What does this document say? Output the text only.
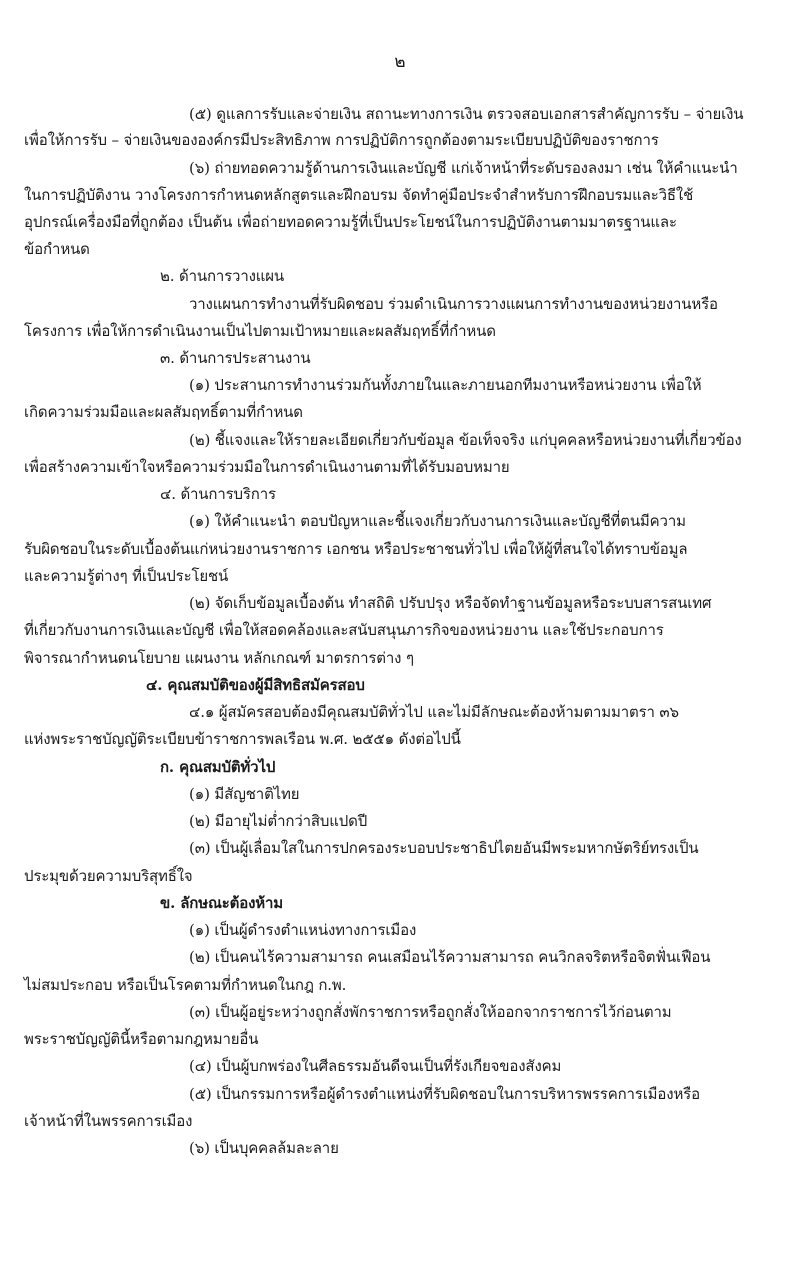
๒
(๕) ดูแลการรับและจ่ายเงิน สถานะทางการเงิน ตรวจสอบเอกสารสำคัญการรับ – จ่ายเงิน
เพื่อให้การรับ – จ่ายเงินขององค์กรมีประสิทธิภาพ การปฏิบัติการถูกต้องตามระเบียบปฏิบัติของราชการ
(๖) ถ่ายทอดความรู้ด้านการเงินและบัญชี แก่เจ้าหน้าที่ระดับรองลงมา เช่น ให้คำแนะนำ
ในการปฏิบัติงาน วางโครงการกำหนดหลักสูตรและฝึกอบรม จัดทำคู่มือประจำสำหรับการฝึกอบรมและวิธีใช้
อุปกรณ์เครื่องมือที่ถูกต้อง เป็นต้น เพื่อถ่ายทอดความรู้ที่เป็นประโยชน์ในการปฏิบัติงานตามมาตรฐานและ
ข้อกำหนด
๒. ด้านการวางแผน
วางแผนการทำงานที่รับผิดชอบ ร่วมดำเนินการวางแผนการทำงานของหน่วยงานหรือ
โครงการ เพื่อให้การดำเนินงานเป็นไปตามเป้าหมายและผลสัมฤทธิ์ที่กำหนด
๓. ด้านการประสานงาน
(๑) ประสานการทำงานร่วมกันทั้งภายในและภายนอกทีมงานหรือหน่วยงาน เพื่อให้
เกิดความร่วมมือและผลสัมฤทธิ์ตามที่กำหนด
(๒) ชี้แจงและให้รายละเอียดเกี่ยวกับข้อมูล ข้อเท็จจริง แก่บุคคลหรือหน่วยงานที่เกี่ยวข้อง
เพื่อสร้างความเข้าใจหรือความร่วมมือในการดำเนินงานตามที่ได้รับมอบหมาย
๔. ด้านการบริการ
(๑) ให้คำแนะนำ ตอบปัญหาและชี้แจงเกี่ยวกับงานการเงินและบัญชีที่ตนมีความ
รับผิดชอบในระดับเบื้องต้นแก่หน่วยงานราชการ เอกชน หรือประชาชนทั่วไป เพื่อให้ผู้ที่สนใจได้ทราบข้อมูล
และความรู้ต่างๆ ที่เป็นประโยชน์
(๒) จัดเก็บข้อมูลเบื้องต้น ทำสถิติ ปรับปรุง หรือจัดทำฐานข้อมูลหรือระบบสารสนเทศ
ที่เกี่ยวกับงานการเงินและบัญชี เพื่อให้สอดคล้องและสนับสนุนภารกิจของหน่วยงาน และใช้ประกอบการ
พิจารณากำหนดนโยบาย แผนงาน หลักเกณฑ์ มาตรการต่าง ๆ
๔. คุณสมบัติของผู้มีสิทธิสมัครสอบ
๔.๑ ผู้สมัครสอบต้องมีคุณสมบัติทั่วไป และไม่มีลักษณะต้องห้ามตามมาตรา ๓๖
แห่งพระราชบัญญัติระเบียบข้าราชการพลเรือน พ.ศ. ๒๕๕๑ ดังต่อไปนี้
ก. คุณสมบัติทั่วไป
(๑) มีสัญชาติไทย
(๒) มีอายุไม่ต่ำกว่าสิบแปดปี
(๓) เป็นผู้เลื่อมใสในการปกครองระบอบประชาธิปไตยอันมีพระมหากษัตริย์ทรงเป็น
ประมุขด้วยความบริสุทธิ์ใจ
ข. ลักษณะต้องห้าม
(๑) เป็นผู้ดำรงตำแหน่งทางการเมือง
(๒) เป็นคนไร้ความสามารถ คนเสมือนไร้ความสามารถ คนวิกลจริตหรือจิตฟั่นเฟือน
ไม่สมประกอบ หรือเป็นโรคตามที่กำหนดในกฎ ก.พ.
(๓) เป็นผู้อยู่ระหว่างถูกสั่งพักราชการหรือถูกสั่งให้ออกจากราชการไว้ก่อนตาม
พระราชบัญญัตินี้หรือตามกฎหมายอื่น
(๔) เป็นผู้บกพร่องในศีลธรรมอันดีจนเป็นที่รังเกียจของสังคม
(๕) เป็นกรรมการหรือผู้ดำรงตำแหน่งที่รับผิดชอบในการบริหารพรรคการเมืองหรือ
เจ้าหน้าที่ในพรรคการเมือง
(๖) เป็นบุคคลล้มละลาย
